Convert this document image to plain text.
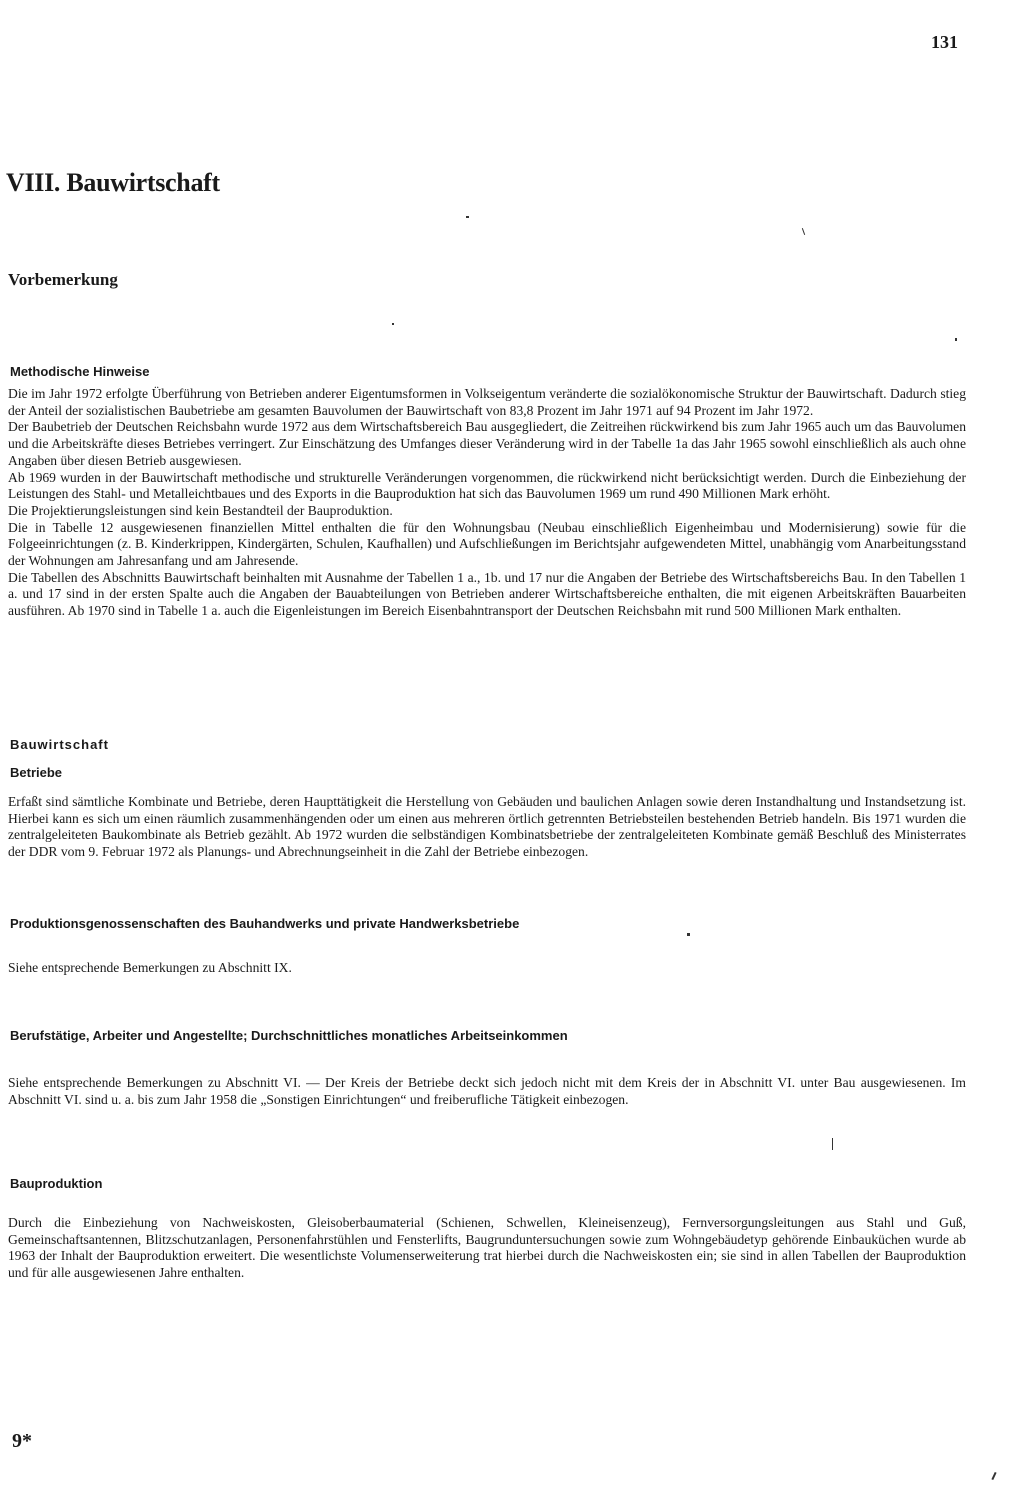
131
VIII. Bauwirtschaft
Vorbemerkung
Methodische Hinweise

Die im Jahr 1972 erfolgte Überführung von Betrieben anderer Eigentumsformen in Volkseigentum veränderte die sozialökonomische Struktur der Bauwirtschaft. Dadurch stieg der Anteil der sozialistischen Baubetriebe am gesamten Bauvolumen der Bauwirtschaft von 83,8 Prozent im Jahr 1971 auf 94 Prozent im Jahr 1972.

Der Baubetrieb der Deutschen Reichsbahn wurde 1972 aus dem Wirtschaftsbereich Bau ausgegliedert, die Zeitreihen rückwirkend bis zum Jahr 1965 auch um das Bauvolumen und die Arbeitskräfte dieses Betriebes verringert. Zur Einschätzung des Umfanges dieser Veränderung wird in der Tabelle 1a das Jahr 1965 sowohl einschließlich als auch ohne Angaben über diesen Betrieb ausgewiesen.

Ab 1969 wurden in der Bauwirtschaft methodische und strukturelle Veränderungen vorgenommen, die rückwirkend nicht berücksichtigt werden. Durch die Einbeziehung der Leistungen des Stahl- und Metalleichtbaues und des Exports in die Bauproduktion hat sich das Bauvolumen 1969 um rund 490 Millionen Mark erhöht.

Die Projektierungsleistungen sind kein Bestandteil der Bauproduktion.

Die in Tabelle 12 ausgewiesenen finanziellen Mittel enthalten die für den Wohnungsbau (Neubau einschließlich Eigenheimbau und Modernisierung) sowie für die Folgeeinrichtungen (z. B. Kinderkrippen, Kindergärten, Schulen, Kaufhallen) und Aufschließungen im Berichtsjahr aufgewendeten Mittel, unabhängig vom Anarbeitungsstand der Wohnungen am Jahresanfang und am Jahresende.

Die Tabellen des Abschnitts Bauwirtschaft beinhalten mit Ausnahme der Tabellen 1 a., 1b. und 17 nur die Angaben der Betriebe des Wirtschaftsbereichs Bau. In den Tabellen 1 a. und 17 sind in der ersten Spalte auch die Angaben der Bauabteilungen von Betrieben anderer Wirtschaftsbereiche enthalten, die mit eigenen Arbeitskräften Bauarbeiten ausführen. Ab 1970 sind in Tabelle 1 a. auch die Eigenleistungen im Bereich Eisenbahntransport der Deutschen Reichsbahn mit rund 500 Millionen Mark enthalten.

Bauwirtschaft
Betriebe
Erfaßt sind sämtliche Kombinate und Betriebe, deren Haupttätigkeit die Herstellung von Gebäuden und baulichen Anlagen sowie deren Instandhaltung und Instandsetzung ist. Hierbei kann es sich um einen räumlich zusammenhängenden oder um einen aus mehreren örtlich getrennten Betriebsteilen bestehenden Betrieb handeln. Bis 1971 wurden die zentralgeleiteten Baukombinate als Betrieb gezählt. Ab 1972 wurden die selbständigen Kombinatsbetriebe der zentralgeleiteten Kombinate gemäß Beschluß des Ministerrates der DDR vom 9. Februar 1972 als Planungs- und Abrechnungseinheit in die Zahl der Betriebe einbezogen.
Produktionsgenossenschaften des Bauhandwerks und private Handwerksbetriebe
Siehe entsprechende Bemerkungen zu Abschnitt IX.
Berufstätige, Arbeiter und Angestellte; Durchschnittliches monatliches Arbeitseinkommen
Siehe entsprechende Bemerkungen zu Abschnitt VI. — Der Kreis der Betriebe deckt sich jedoch nicht mit dem Kreis der in Abschnitt VI. unter Bau ausgewiesenen. Im Abschnitt VI. sind u. a. bis zum Jahr 1958 die „Sonstigen Einrichtungen“ und freiberufliche Tätigkeit einbezogen.
Bauproduktion
Durch die Einbeziehung von Nachweiskosten, Gleisoberbaumaterial (Schienen, Schwellen, Kleineisenzeug), Fernversorgungsleitungen aus Stahl und Guß, Gemeinschaftsantennen, Blitzschutzanlagen, Personenfahrstühlen und Fensterlifts, Baugrunduntersuchungen sowie zum Wohngebäudetyp gehörende Einbauküchen wurde ab 1963 der Inhalt der Bauproduktion erweitert. Die wesentlichste Volumenserweiterung trat hierbei durch die Nachweiskosten ein; sie sind in allen Tabellen der Bauproduktion und für alle ausgewiesenen Jahre enthalten.
9*
